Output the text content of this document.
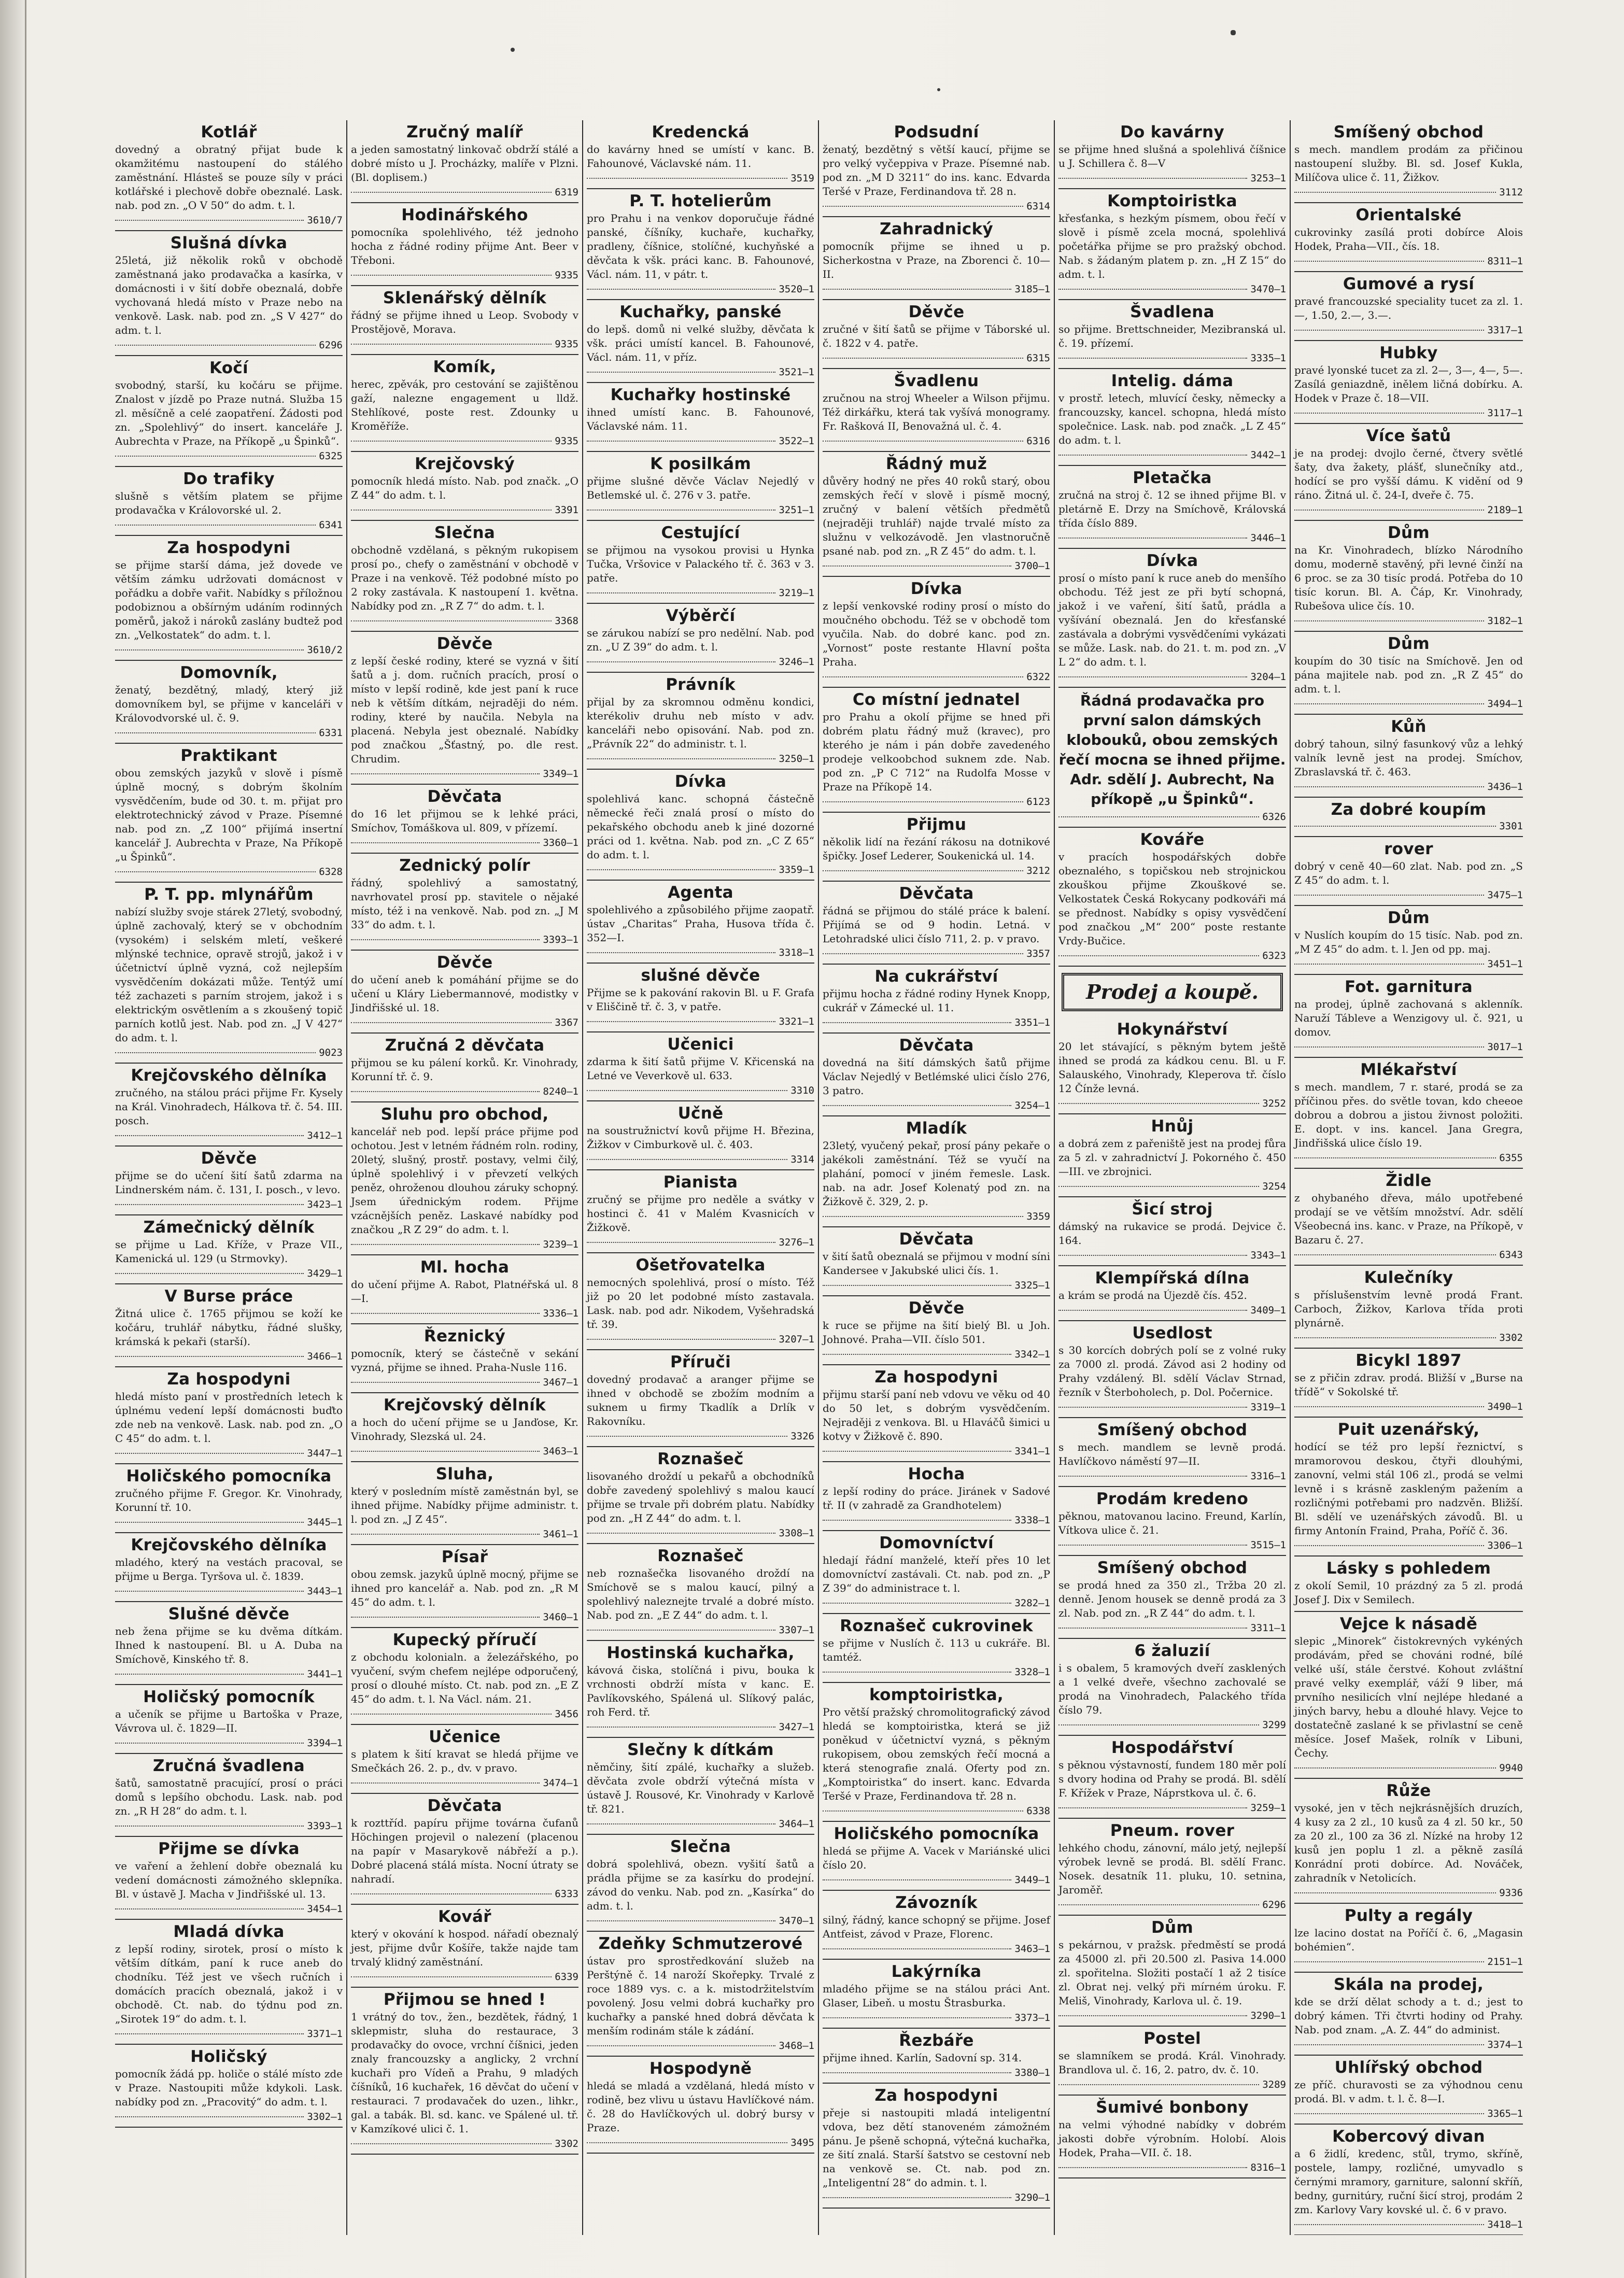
Kotlář

dovedný a obratný přijat bude k okamžitému nastoupení do stálého zaměstnání. Hlásteš se pouze síly v práci kotlářské i plechově dobře obeznalé. Lask. nab. pod zn. „O V 50“ do adm. t. l.

3610/7
Slušná dívka

25letá, již několik roků v obchodě zaměstnaná jako prodavačka a kasírka, v domácnosti i v šití dobře obeznalá, dobře vychovaná hledá místo v Praze nebo na venkově. Lask. nab. pod zn. „S V 427“ do adm. t. l.

6296
Kočí

svobodný, starší, ku kočáru se přijme. Znalost v jízdě po Praze nutná. Služba 15 zl. měsíčně a celé zaopatření. Žádosti pod zn. „Spolehlivý“ do insert. kanceláře J. Aubrechta v Praze, na Příkopě „u Špinků“.

6325
Do trafiky

slušně s větším platem se přijme prodavačka v Královorské ul. 2.

6341
Za hospodyni

se přijme starší dáma, jež dovede ve větším zámku udržovati domácnost v pořádku a dobře vařit. Nabídky s příložnou podobiznou a obšírným udáním rodinných poměrů, jakož i nároků zaslány budtež pod zn. „Velkostatek“ do adm. t. l.

3610/2
Domovník,

ženatý, bezdětný, mladý, který již domovníkem byl, se přijme v kanceláři v Královodvorské ul. č. 9.

6331
Praktikant

obou zemských jazyků v slově i písmě úplně mocný, s dobrým školním vysvědčením, bude od 30. t. m. přijat pro elektrotechnický závod v Praze. Písemné nab. pod zn. „Z 100“ přijímá insertní kancelář J. Aubrechta v Praze, Na Příkopě „u Špinků“.

6328
P. T. pp. mlynářům

nabízí služby svoje stárek 27letý, svobodný, úplně zachovalý, který se v obchodním (vysokém) i selském mletí, veškeré mlýnské technice, opravě strojů, jakož i v účetnictví úplně vyzná, což nejlepším vysvědčením dokázati může. Tentýž umí též zachazeti s parním strojem, jakož i s elektrickým osvětlením a s zkoušený topič parních kotlů jest. Nab. pod zn. „J V 427“ do adm. t. l.

9023
Krejčovského dělníka

zručného, na stálou práci přijme Fr. Kysely na Král. Vinohradech, Hálkova tř. č. 54. III. posch.

3412—1
Děvče

přijme se do učení šití šatů zdarma na Lindnerském nám. č. 131, I. posch., v levo.

3423—1
Zámečnický dělník

se přijme u Lad. Kříže, v Praze VII., Kamenická ul. 129 (u Strmovky).

3429—1
V Burse práce

Žitná ulice č. 1765 přijmou se koží ke kočáru, truhlář nábytku, řádné slušky, krámská k pekaři (starší).

3466—1
Za hospodyni

hledá místo paní v prostředních letech k úplnému vedení lepší domácnosti buďto zde neb na venkově. Lask. nab. pod zn. „O C 45“ do adm. t. l.

3447—1
Holičského pomocníka

zručného přijme F. Gregor. Kr. Vinohrady, Korunní tř. 10.

3445—1
Krejčovského dělníka

mladého, který na vestách pracoval, se přijme u Berga. Tyršova ul. č. 1839.

3443—1
Slušné děvče

neb žena přijme se ku dvěma dítkám. Ihned k nastoupení. Bl. u A. Duba na Smíchově, Kinského tř. 8.

3441—1
Holičský pomocník

a učeník se přijme u Bartoška v Praze, Vávrova ul. č. 1829—II.

3394—1
Zručná švadlena

šatů, samostatně pracující, prosí o práci domů s lepšího obchodu. Lask. nab. pod zn. „R H 28“ do adm. t. l.

3393—1
Přijme se dívka

ve vaření a žehlení dobře obeznalá ku vedení domácnosti zámožného sklepníka. Bl. v ústavě J. Macha v Jindřišské ul. 13.

3454—1
Mladá dívka

z lepší rodiny, sirotek, prosí o místo k větším dítkám, paní k ruce aneb do chodníku. Též jest ve všech ručních i domácích pracích obeznalá, jakož i v obchodě. Ct. nab. do týdnu pod zn. „Sirotek 19“ do adm. t. l.

3371—1
Holičský

pomocník žádá pp. holiče o stálé místo zde v Praze. Nastoupiti může kdykoli. Lask. nabídky pod zn. „Pracovitý“ do adm. t. l.

3302—1
Zručný malíř

a jeden samostatný linkovač obdrží stálé a dobré místo u J. Procházky, malíře v Plzni. (Bl. doplisem.)

6319
Hodinářského

pomocníka spolehlivého, též jednoho hocha z řádné rodiny přijme Ant. Beer v Třeboni.

9335
Sklenářský dělník

řádný se přijme ihned u Leop. Svobody v Prostějově, Morava.

9335
Komík,

herec, zpěvák, pro cestování se zajištěnou gaží, nalezne engagement u lldž. Stehlíkové, poste rest. Zdounky u Kroměříže.

9335
Krejčovský

pomocník hledá místo. Nab. pod značk. „O Z 44“ do adm. t. l.

3391
Slečna

obchodně vzdělaná, s pěkným rukopisem prosí po., chefy o zaměstnání v obchodě v Praze i na venkově. Též podobné místo po 2 roky zastávala. K nastoupení 1. května. Nabídky pod zn. „R Z 7“ do adm. t. l.

3368
Děvče

z lepší české rodiny, které se vyzná v šití šatů a j. dom. ručních pracích, prosí o místo v lepší rodině, kde jest paní k ruce neb k větším dítkám, nejraději do ném. rodiny, které by naučila. Nebyla na placená. Nebyla jest obeznalé. Nabídky pod značkou „Šťastný, po. dle rest. Chrudim.

3349—1
Děvčata

do 16 let přijmou se k lehké práci, Smíchov, Tomáškova ul. 809, v přízemí.

3360—1
Zednický polír

řádný, spolehlivý a samostatný, navrhovatel prosí pp. stavitele o nějaké místo, též i na venkově. Nab. pod zn. „J M 33“ do adm. t. l.

3393—1
Děvče

do učení aneb k pomáhání přijme se do učení u Kláry Liebermannové, modistky v Jindřišské ul. 18.

3367
Zručná 2 děvčata

přijmou se ku pálení korků. Kr. Vinohrady, Korunní tř. č. 9.

8240—1
Sluhu pro obchod,

kancelář neb pod. lepší práce přijme pod ochotou. Jest v letném řádném roln. rodiny, 20letý, slušný, prostř. postavy, velmi čilý, úplně spolehlivý i v převzetí velkých peněz, ohroženou dlouhou záruky schopný. Jsem úřednickým rodem. Přijme vzácnějších peněz. Laskavé nabídky pod značkou „R Z 29“ do adm. t. l.

3239—1
Ml. hocha

do učení přijme A. Rabot, Platnéřská ul. 8—I.

3336—1
Řeznický

pomocník, který se částečně v sekání vyzná, přijme se ihned. Praha-Nusle 116.

3467—1
Krejčovský dělník

a hoch do učení přijme se u Janďose, Kr. Vinohrady, Slezská ul. 24.

3463—1
Sluha,

který v posledním místě zaměstnán byl, se ihned přijme. Nabídky přijme administr. t. l. pod zn. „J Z 45“.

3461—1
Písař

obou zemsk. jazyků úplně mocný, přijme se ihned pro kancelář a. Nab. pod zn. „R M 45“ do adm. t. l.

3460—1
Kupecký příručí

z obchodu kolonialn. a železářského, po vyučení, svým chefem nejlépe odporučený, prosí o dlouhé místo. Ct. nab. pod zn. „E Z 45“ do adm. t. l. Na Václ. nám. 21.

3456
Učenice

s platem k šití kravat se hledá přijme ve Smečkách 26. 2. p., dv. v pravo.

3474—1
Děvčata

k rozttříd. papíru přijme továrna čufanů Höchingen projevil o nalezení (placenou na papír v Masarykově nábřeží a p.). Dobré placená stálá místa. Nocní útraty se nahradí.

6333
Kovář

který v okování k hospod. nářadí obeznalý jest, přijme dvůr Košíře, takže najde tam trvalý klidný zaměstnání.

6339
Přijmou se hned !

1 vrátný do tov., žen., bezdětek, řádný, 1 sklepmistr, sluha do restaurace, 3 prodavačky do ovoce, vrchní číšnici, jeden znaly francouzsky a anglicky, 2 vrchní kuchaři pro Vídeň a Prahu, 9 mladých číšníků, 16 kuchařek, 16 děvčat do učení v restauraci. 7 prodavaček do uzen., lihkr., gal. a tabák. Bl. sd. kanc. ve Spálené ul. tř. v Kamzíkové ulici č. 1.

3302
Kredencká

do kavárny hned se umístí v kanc. B. Fahounové, Václavské nám. 11.

3519
P. T. hotelierům

pro Prahu i na venkov doporučuje řádné panské, číšníky, kuchaře, kuchařky, pradleny, číšnice, stolíčné, kuchyňské a děvčata k všk. práci kanc. B. Fahounové, Václ. nám. 11, v pátr. t.

3520—1
Kuchařky, panské

do lepš. domů ni velké služby, děvčata k všk. práci umístí kancel. B. Fahounové, Václ. nám. 11, v příz.

3521—1
Kuchařky hostinské

ihned umístí kanc. B. Fahounové, Václavské nám. 11.

3522—1
K posilkám

přijme slušné děvče Václav Nejedlý v Betlemské ul. č. 276 v 3. patře.

3251—1
Cestující

se přijmou na vysokou provisi u Hynka Tučka, Vršovice v Palackého tř. č. 363 v 3. patře.

3219—1
Výběrčí

se zárukou nabízí se pro nedělní. Nab. pod zn. „U Z 39“ do adm. t. l.

3246—1
Právník

přijal by za skromnou odměnu kondici, kterékoliv druhu neb místo v adv. kanceláři nebo opisování. Nab. pod zn. „Právník 22“ do administr. t. l.

3250—1
Dívka

spolehlivá kanc. schopná částečně německé řeči znalá prosí o místo do pekařského obchodu aneb k jiné dozorné práci od 1. května. Nab. pod zn. „C Z 65“ do adm. t. l.

3359—1
Agenta

spolehlivého a způsobilého přijme zaopatř. ústav „Charitas“ Praha, Husova třída č. 352—I.

3318—1
slušné děvče

Přijme se k pakování rakovin Bl. u F. Grafa v Eliščině tř. č. 3, v patře.

3321—1
Učenici

zdarma k šití šatů přijme V. Křicenská na Letné ve Veverkově ul. 633.

3310
Učně

na soustružnictví kovů přijme H. Březina, Žižkov v Cimburkově ul. č. 403.

3314
Pianista

zručný se přijme pro neděle a svátky v hostinci č. 41 v Malém Kvasnicích v Žižkově.

3276—1
Ošetřovatelka

nemocných spolehlivá, prosí o místo. Též již po 20 let podobné místo zastavala. Lask. nab. pod adr. Nikodem, Vyšehradská tř. 39.

3207—1
Příruči

dovedný prodavač a aranger přijme se ihned v obchodě se zbožím modním a suknem u firmy Tkadlík a Drlík v Rakovníku.

3326
Roznašeč

lisovaného droždí u pekařů a obchodníků dobře zavedený spolehlivý s malou kaucí přijme se trvale při dobrém platu. Nabídky pod zn. „H Z 44“ do adm. t. l.

3308—1
Roznašeč

neb roznašečka lisovaného droždí na Smíchově se s malou kaucí, pilný a spolehlivý naleznejte trvalé a dobré místo. Nab. pod zn. „E Z 44“ do adm. t. l.

3307—1
Hostinská kuchařka,

kávová čiska, stolíčná i pivu, bouka k vrchnosti obdrží místa v kanc. E. Pavlíkovského, Spálená ul. Slíkový palác, roh Ferd. tř.

3427—1
Slečny k dítkám

němčiny, šití zpálé, kuchařky a služeb. děvčata zvole obdrží výtečná místa v ústavě J. Rousové, Kr. Vinohrady v Karlově tř. 821.

3464—1
Slečna

dobrá spolehlivá, obezn. vyšití šatů a prádla přijme se za kasírku do prodejní. závod do venku. Nab. pod zn. „Kasírka“ do adm. t. l.

3470—1
Zdeňky Schmutzerové

ústav pro sprostředkování služeb na Perštýně č. 14 naroží Skořepky. Trvalé z roce 1889 vys. c. a k. mistodržitelstvím povolený. Josu velmi dobrá kuchařky pro kuchařky a panské hned dobrá děvčata k menším rodinám stále k zádání.

3468—1
Hospodyně

hledá se mladá a vzdělaná, hledá místo v rodině, bez vlivu u ústavu Havlíčkové nám. č. 28 do Havlíčkových ul. dobrý bursy v Praze.

3495
Podsudní

ženatý, bezdětný s větší kaucí, přijme se pro velký vyčeppiva v Praze. Písemné nab. pod zn. „M D 3211“ do ins. kanc. Edvarda Teršé v Praze, Ferdinandova tř. 28 n.

6314
Zahradnický

pomocník přijme se ihned u p. Sicherkostna v Praze, na Zborenci č. 10—II.

3185—1
Děvče

zručné v šití šatů se přijme v Táborské ul. č. 1822 v 4. patře.

6315
Švadlenu

zručnou na stroj Wheeler a Wilson přijmu. Též dirkářku, která tak vyšívá monogramy. Fr. Rašková II, Benovažná ul. č. 4.

6316
Řádný muž

důvěry hodný ne přes 40 roků starý, obou zemských řečí v slově i písmě mocný, zručný v balení větších předmětů (nejraději truhlář) najde trvalé místo za služnu v velkozávodě. Jen vlastnoručně psané nab. pod zn. „R Z 45“ do adm. t. l.

3700—1
Dívka

z lepší venkovské rodiny prosí o místo do moučného obchodu. Též se v obchodě tom vyučila. Nab. do dobré kanc. pod zn. „Vornost“ poste restante Hlavní pošta Praha.

6322
Co místní jednatel

pro Prahu a okolí přijme se hned při dobrém platu řádný muž (kravec), pro kterého je nám i pán dobře zavedeného prodeje velkoobchod suknem zde. Nab. pod zn. „P C 712“ na Rudolfa Mosse v Praze na Příkopě 14.

6123
Přijmu

několik lidí na řezání rákosu na dotnikové špičky. Josef Lederer, Soukenická ul. 14.

3212
Děvčata

řádná se přijmou do stálé práce k balení. Přijímá se od 9 hodin. Letná. v Letohradské ulici číslo 711, 2. p. v pravo.

3357
Na cukrářství

přijmu hocha z řádné rodiny Hynek Knopp, cukrář v Zámecké ul. 11.

3351—1
Děvčata

dovedná na šití dámských šatů přijme Václav Nejedlý v Betlémské ulici číslo 276, 3 patro.

3254—1
Mladík

23letý, vyučený pekař, prosí pány pekaře o jakékoli zaměstnání. Též se vyučí na plahání, pomocí v jiném řemesle. Lask. nab. na adr. Josef Kolenatý pod zn. na Žižkově č. 329, 2. p.

3359
Děvčata

v šití šatů obeznalá se přijmou v modní síni Kandersee v Jakubské ulici čís. 1.

3325—1
Děvče

k ruce se přijme na šití bielý Bl. u Joh. Johnové. Praha—VII. číslo 501.

3342—1
Za hospodyni

přijmu starší paní neb vdovu ve věku od 40 do 50 let, s dobrým vysvědčením. Nejraději z venkova. Bl. u Hlaváčů šimici u kotvy v Žižkově č. 890.

3341—1
Hocha

z lepší rodiny do práce. Jiránek v Sadové tř. II (v zahradě za Grandhotelem)

3338—1
Domovníctví

hledají řádní manželé, kteří přes 10 let domovníctví zastávali. Ct. nab. pod zn. „P Z 39“ do administrace t. l.

3282—1
Roznašeč cukrovinek

se přijme v Nuslích č. 113 u cukráře. Bl. tamtéž.

3328—1
komptoiristka,

Pro větší pražský chromolitografický závod hledá se komptoiristka, která se již poněkud v účetnictví vyzná, s pěkným rukopisem, obou zemských řečí mocná a která stenografie znalá. Oferty pod zn. „Komptoiristka“ do insert. kanc. Edvarda Teršé v Praze, Ferdinandova tř. 28 n.

6338
Holičského pomocníka

hledá se přijme A. Vacek v Mariánské ulici číslo 20.

3449—1
Závozník

silný, řádný, kance schopný se přijme. Josef Antfeist, závod v Praze, Florenc.

3463—1
Lakýrníka

mladého přijme se na stálou práci Ant. Glaser, Libeň. u mostu Štrasburka.

3373—1
Řezbáře

přijme ihned. Karlín, Sadovní sp. 314.

3380—1
Za hospodyni

přeje si nastoupiti mladá inteligentní vdova, bez dětí stanoveném zámožném pánu. Je pšeně schopná, výtečná kuchařka, ze šití znalá. Starší šatstvo se cestovní neb na venkově se. Ct. nab. pod zn. „Inteligentní 28“ do admin. t. l.

3290—1
Do kavárny

se přijme hned slušná a spolehlivá číšnice u J. Schillera č. 8—V

3253—1
Komptoiristka

křesťanka, s hezkým písmem, obou řečí v slově i písmě zcela mocná, spolehlivá početářka přijme se pro pražský obchod. Nab. s žádaným platem p. zn. „H Z 15“ do adm. t. l.

3470—1
Švadlena

so přijme. Brettschneider, Mezibranská ul. č. 19. přízemí.

3335—1
Intelig. dáma

v prostř. letech, mluvící česky, německy a francouzsky, kancel. schopna, hledá místo společnice. Lask. nab. pod značk. „L Z 45“ do adm. t. l.

3442—1
Pletačka

zručná na stroj č. 12 se ihned přijme Bl. v pletárně E. Drzy na Smíchově, Královská třída číslo 889.

3446—1
Dívka

prosí o místo paní k ruce aneb do menšího obchodu. Též jest ze při bytí schopná, jakož i ve vaření, šití šatů, prádla a vyšívání obeznalá. Jen do křesťanské zastávala a dobrými vysvědčeními vykázati se může. Lask. nab. do 21. t. m. pod zn. „V L 2“ do adm. t. l.

3204—1

Řádná prodavačka pro první salon dámských klobouků, obou zemských řečí mocna se ihned přijme. Adr. sdělí J. Aubrecht, Na příkopě „u Špinků“.

6326
Kováře

v pracích hospodářských dobře obeznalého, s topičskou neb strojnickou zkouškou přijme Zkouškové se. Velkostatek Česká Rokycany podkováři má se přednost. Nabídky s opisy vysvědčení pod značkou „M“ 200“ poste restante Vrdy-Bučice.

6323
Prodej a koupě.
Hokynářství

20 let stávající, s pěkným bytem ještě ihned se prodá za kádkou cenu. Bl. u F. Salauského, Vinohrady, Kleperova tř. číslo 12 Čínže levná.

3252
Hnůj

a dobrá zem z pařeniště jest na prodej fůra za 5 zl. v zahradnictví J. Pokorného č. 450—III. ve zbrojnici.

3254
Šicí stroj

dámský na rukavice se prodá. Dejvice č. 164.

3343—1
Klempířská dílna

a krám se prodá na Újezdě čís. 452.

3409—1
Usedlost

s 30 korcích dobrých polí se z volné ruky za 7000 zl. prodá. Závod asi 2 hodiny od Prahy vzdálený. Bl. sdělí Václav Strnad, řezník v Šterboholech, p. Dol. Počernice.

3319—1
Smíšený obchod

s mech. mandlem se levně prodá. Havlíčkovo náměstí 97—II.

3316—1
Prodám kredeno

pěknou, matovanou lacino. Freund, Karlín, Vítkova ulice č. 21.

3515—1
Smíšený obchod

se prodá hned za 350 zl., Tržba 20 zl. denně. Jenom housek se denně prodá za 3 zl. Nab. pod zn. „R Z 44“ do adm. t. l.

3311—1
6 žaluzií

i s obalem, 5 kramových dveří zasklených a 1 velké dveře, všechno zachovalé se prodá na Vinohradech, Palackého třída číslo 79.

3299
Hospodářství

s pěknou výstavností, fundem 180 měr polí s dvory hodina od Prahy se prodá. Bl. sdělí F. Křížek v Praze, Náprstkova ul. č. 6.

3259—1
Pneum. rover

lehkého chodu, zánovní, málo jetý, nejlepší výrobek levně se prodá. Bl. sdělí Franc. Nosek. desatník 11. pluku, 10. setnina, Jaroměř.

6296
Dům

s pekárnou, v pražsk. předměstí se prodá za 45000 zl. při 20.500 zl. Pasiva 14.000 zl. spořitelna. Složiti postačí 1 až 2 tisíce zl. Obrat nej. velký při mírném úroku. F. Meliš, Vinohrady, Karlova ul. č. 19.

3290—1
Postel

se slamníkem se prodá. Král. Vinohrady. Brandlova ul. č. 16, 2. patro, dv. č. 10.

3289
Šumivé bonbony

na velmi výhodné nabídky v dobrém jakosti dobře výrobním. Holobí. Alois Hodek, Praha—VII. č. 18.

8316—1
Smíšený obchod

s mech. mandlem prodám za přičinou nastoupení služby. Bl. sd. Josef Kukla, Milíčova ulice č. 11, Žižkov.

3112
Orientalské

cukrovinky zasílá proti dobírce Alois Hodek, Praha—VII., čís. 18.

8311—1
Gumové a rysí

pravé francouzské speciality tucet za zl. 1.—, 1.50, 2.—, 3.—.

3317—1
Hubky

pravé lyonské tucet za zl. 2—, 3—, 4—, 5—. Zasílá geniazdně, inělem ličná dobírku. A. Hodek v Praze č. 18—VII.

3117—1
Více šatů

je na prodej: dvojlo černé, čtvery světlé šaty, dva žakety, plášť, slunečníky atd., hodící se pro vyšší dámu. K vidění od 9 ráno. Žitná ul. č. 24-I, dveře č. 75.

2189—1
Dům

na Kr. Vinohradech, blízko Národního domu, moderně stavěný, při levné činží na 6 proc. se za 30 tisíc prodá. Potřeba do 10 tisíc korun. Bl. A. Čáp, Kr. Vinohrady, Rubešova ulice čís. 10.

3182—1
Dům

koupím do 30 tisíc na Smíchově. Jen od pána majitele nab. pod zn. „R Z 45“ do adm. t. l.

3494—1
Kůň

dobrý tahoun, silný fasunkový vůz a lehký valník levně jest na prodej. Smíchov, Zbraslavská tř. č. 463.

3436—1
Za dobré koupím
3301
rover

dobrý v ceně 40—60 zlat. Nab. pod zn. „S Z 45“ do adm. t. l.

3475—1
Dům

v Nuslích koupím do 15 tisíc. Nab. pod zn. „M Z 45“ do adm. t. l. Jen od pp. maj.

3451—1
Fot. garnitura

na prodej, úplně zachovaná s aklenník. Naruží Tábleve a Wenzigovy ul. č. 921, u domov.

3017—1
Mlékařství

s mech. mandlem, 7 r. staré, prodá se za příčinou přes. do světle tovan, kdo cheeoe dobrou a dobrou a jistou živnost položiti. E. dopt. v ins. kancel. Jana Gregra, Jindřišská ulice číslo 19.

6355
Židle

z ohybaného dřeva, málo upotřebené prodají se ve větším množství. Adr. sdělí Všeobecná ins. kanc. v Praze, na Příkopě, v Bazaru č. 27.

6343
Kulečníky

s příslušenstvím levně prodá Frant. Carboch, Žižkov, Karlova třída proti plynárně.

3302
Bicykl 1897

se z přičin zdrav. prodá. Bližší v „Burse na třídě“ v Sokolské tř.

3490—1
Puit uzenářský,

hodící se též pro lepší řeznictví, s mramorovou deskou, čtyři dlouhými, zanovní, velmi stál 106 zl., prodá se velmi levně i s krásně zaskleným pažením a rozličnými potřebami pro nadzvěn. Bližší. Bl. sdělí ve uzenářských závodů. Bl. u firmy Antonín Fraind, Praha, Poříč č. 36.

3306—1
Lásky s pohledem

z okolí Semil, 10 prázdný za 5 zl. prodá Josef J. Dix v Semilech.

Vejce k násadě

slepic „Minorek“ čistokrevných vykéných prodávám, před se chováni rodné, bílé velké uší, stále čerstvé. Kohout zvláštní pravé velky exemplář, váží 9 liber, má prvního nesilicích vlní nejlépe hledané a jiných barvy, hebu a dlouhé hlavy. Vejce to dostatečně zaslané k se přivlastní se ceně měsíce. Josef Mašek, rolník v Libuni, Čechy.

9940
Růže

vysoké, jen v těch nejkrásnějších druzích, 4 kusy za 2 zl., 10 kusů za 4 zl. 50 kr., 50 za 20 zl., 100 za 36 zl. Nízké na hroby 12 kusů jen poplu 1 zl. a pěkně zasílá Konrádní proti dobírce. Ad. Nováček, zahradník v Netolicích.

9336
Pulty a regály

lze lacino dostat na Poříčí č. 6, „Magasin bohémien“.

2151—1
Skála na prodej,

kde se drží dělat schody a t. d.; jest to dobrý kámen. Tři čtvrti hodiny od Prahy. Nab. pod znam. „A. Z. 44“ do administ.

3374—1
Uhlířský obchod

ze příč. churavosti se za výhodnou cenu prodá. Bl. v adm. t. l. č. 8—I.

3365—1
Kobercový divan

a 6 židlí, kredenc, stůl, trymo, skříně, postele, lampy, rozličné, umyvadlo s černými mramory, garniture, salonní skříň, bedny, gurnitúry, ruční šicí stroj, prodám 2 zm. Karlovy Vary kovské ul. č. 6 v pravo.

3418—1
